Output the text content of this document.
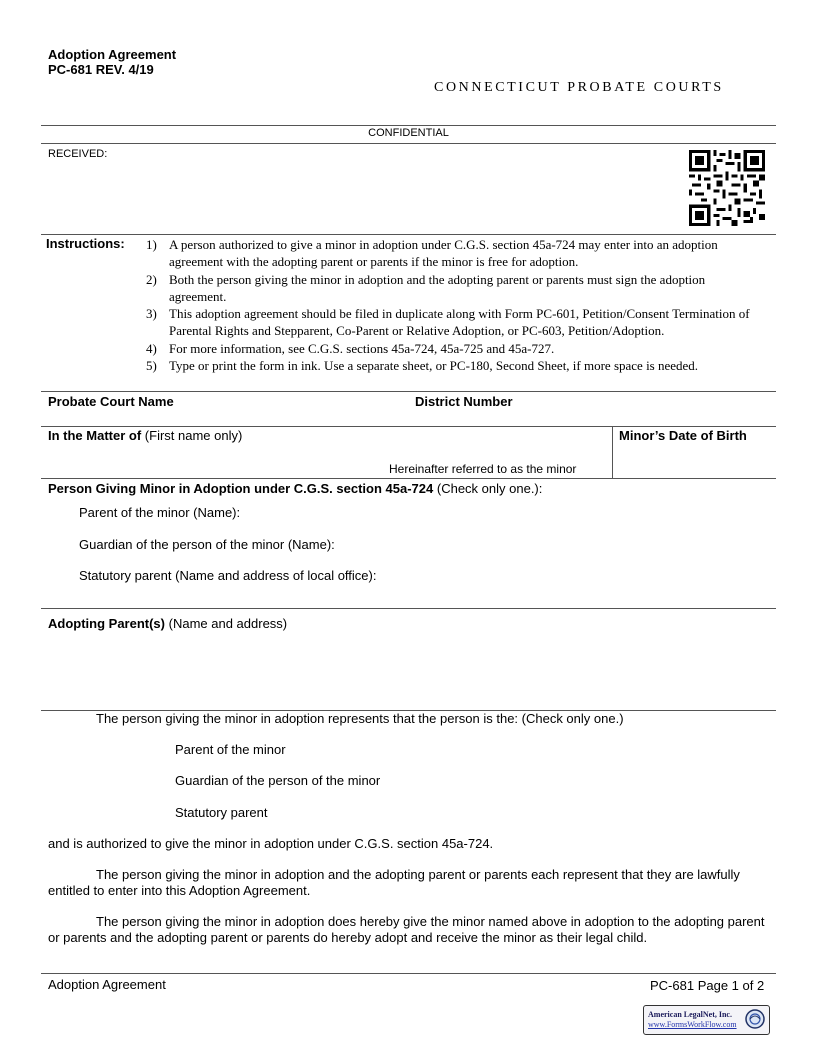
Adoption Agreement
PC-681 REV. 4/19
CONNECTICUT PROBATE COURTS
CONFIDENTIAL
RECEIVED:
Instructions: 1) A person authorized to give a minor in adoption under C.G.S. section 45a-724 may enter into an adoption agreement with the adopting parent or parents if the minor is free for adoption.
2) Both the person giving the minor in adoption and the adopting parent or parents must sign the adoption agreement.
3) This adoption agreement should be filed in duplicate along with Form PC-601, Petition/Consent Termination of Parental Rights and Stepparent, Co-Parent or Relative Adoption, or PC-603, Petition/Adoption.
4) For more information, see C.G.S. sections 45a-724, 45a-725 and 45a-727.
5) Type or print the form in ink. Use a separate sheet, or PC-180, Second Sheet, if more space is needed.
Probate Court Name	District Number
In the Matter of (First name only)
Hereinafter referred to as the minor
Minor’s Date of Birth
Person Giving Minor in Adoption under C.G.S. section 45a-724 (Check only one.):
Parent of the minor (Name):
Guardian of the person of the minor (Name):
Statutory parent (Name and address of local office):
Adopting Parent(s) (Name and address)
The person giving the minor in adoption represents that the person is the: (Check only one.)
Parent of the minor
Guardian of the person of the minor
Statutory parent
and is authorized to give the minor in adoption under C.G.S. section 45a-724.
The person giving the minor in adoption and the adopting parent or parents each represent that they are lawfully entitled to enter into this Adoption Agreement.
The person giving the minor in adoption does hereby give the minor named above in adoption to the adopting parent or parents and the adopting parent or parents do hereby adopt and receive the minor as their legal child.
Adoption Agreement	PC-681 Page 1 of 2
American LegalNet, Inc.
www.FormsWorkFlow.com
